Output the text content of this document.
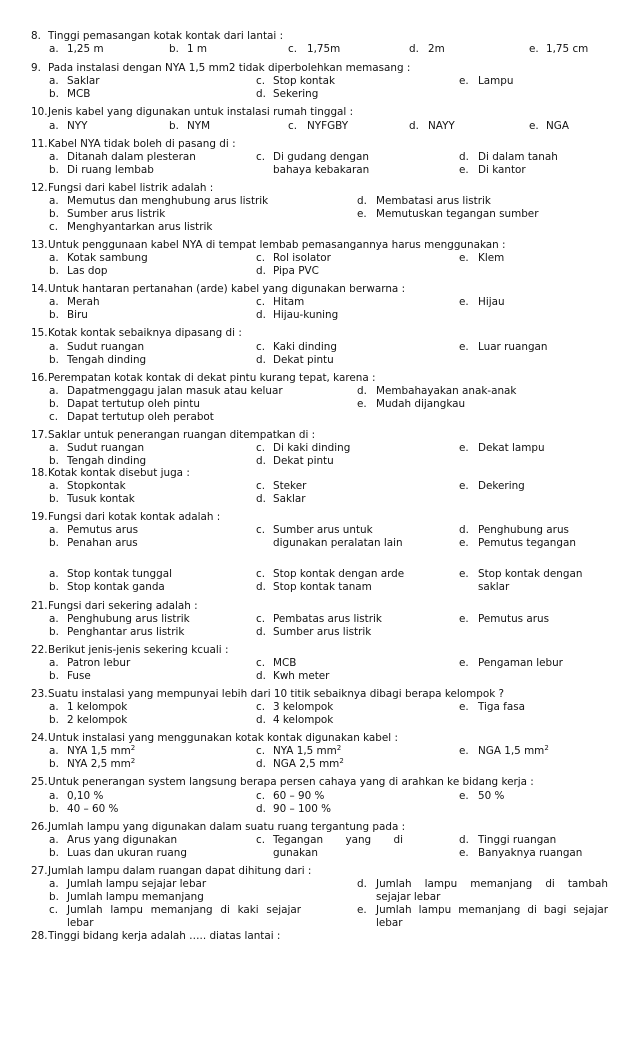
8. Tinggi pemasangan kotak kontak dari lantai :
a. 1,25 m	b. 1 m	c. 1,75m	d. 2m	e. 1,75 cm
9. Pada instalasi dengan NYA 1,5 mm2 tidak diperbolehkan memasang :
a. Saklar
b. MCB
c. Stop kontak
d. Sekering
e. Lampu
10. Jenis kabel yang digunakan untuk instalasi rumah tinggal :
a. NYY	b. NYM	c. NYFGBY	d. NAYY	e. NGA
11. Kabel NYA tidak boleh di pasang di :
a. Ditanah dalam plesteran
b. Di ruang lembab
c. Di gudang dengan
bahaya kebakaran
d. Di dalam tanah
e. Di kantor
12. Fungsi dari kabel listrik adalah :
a. Memutus dan menghubung arus listrik
b. Sumber arus listrik
c. Menghyantarkan arus listrik
d. Membatasi arus listrik
e. Memutuskan tegangan sumber
13. Untuk penggunaan kabel NYA di tempat lembab pemasangannya harus menggunakan :
a. Kotak sambung
b. Las dop
c. Rol isolator
d. Pipa PVC
e. Klem
14. Untuk hantaran pertanahan (arde) kabel yang digunakan berwarna :
a. Merah
b. Biru
c. Hitam
d. Hijau-kuning
e. Hijau
15. Kotak kontak sebaiknya dipasang di :
a. Sudut ruangan
b. Tengah dinding
c. Kaki dinding
d. Dekat pintu
e. Luar ruangan
16. Perempatan kotak kontak di dekat pintu kurang tepat, karena :
a. Dapatmenggagu jalan masuk atau keluar
b. Dapat tertutup oleh pintu
c. Dapat tertutup oleh perabot
d. Membahayakan anak-anak
e. Mudah dijangkau
17. Saklar untuk penerangan ruangan ditempatkan di :
a. Sudut ruangan
b. Tengah dinding
c. Di kaki dinding
d. Dekat pintu
e. Dekat lampu
18. Kotak kontak disebut juga :
a. Stopkontak
b. Tusuk kontak
c. Steker
d. Saklar
e. Dekering
19. Fungsi dari kotak kontak adalah :
a. Pemutus arus
b. Penahan arus
c. Sumber arus untuk
digunakan peralatan lain
d. Penghubung arus
e. Pemutus tegangan
a. Stop kontak tunggal
b. Stop kontak ganda
c. Stop kontak dengan arde
d. Stop kontak tanam
e. Stop kontak dengan
saklar
21. Fungsi dari sekering adalah :
a. Penghubung arus listrik
b. Penghantar arus listrik
c. Pembatas arus listrik
d. Sumber arus listrik
e. Pemutus arus
22. Berikut jenis-jenis sekering kcuali :
a. Patron lebur
b. Fuse
c. MCB
d. Kwh meter
e. Pengaman lebur
23. Suatu instalasi yang mempunyai lebih dari 10 titik sebaiknya dibagi berapa kelompok ?
a. 1 kelompok
b. 2 kelompok
c. 3 kelompok
d. 4 kelompok
e. Tiga fasa
24. Untuk instalasi yang menggunakan kotak kontak digunakan kabel :
a. NYA 1,5 $mm^2$
b. NYA 2,5 $mm^2$
c. NYA 1,5 $mm^2$
d. NGA 2,5 $mm^2$
e. NGA 1,5 $mm^2$
25. Untuk penerangan system langsung berapa persen cahaya yang di arahkan ke bidang kerja :
a. 0,10 %
b. 40 – 60 %
c. 60 – 90 %
d. 90 – 100 %
e. 50 %
26. Jumlah lampu yang digunakan dalam suatu ruang tergantung pada :
a. Arus yang digunakan
b. Luas dan ukuran ruang
c. Tegangan yang di
gunakan
d. Tinggi ruangan
e. Banyaknya ruangan
27. Jumlah lampu dalam ruangan dapat dihitung dari :
a. Jumlah lampu sejajar lebar
b. Jumlah lampu memanjang
c. Jumlah lampu memanjang di kaki sejajar
lebar
d. Jumlah lampu memanjang di tambah
sejajar lebar
e. Jumlah lampu memanjang di bagi sejajar
lebar
28. Tinggi bidang kerja adalah ….. diatas lantai :
